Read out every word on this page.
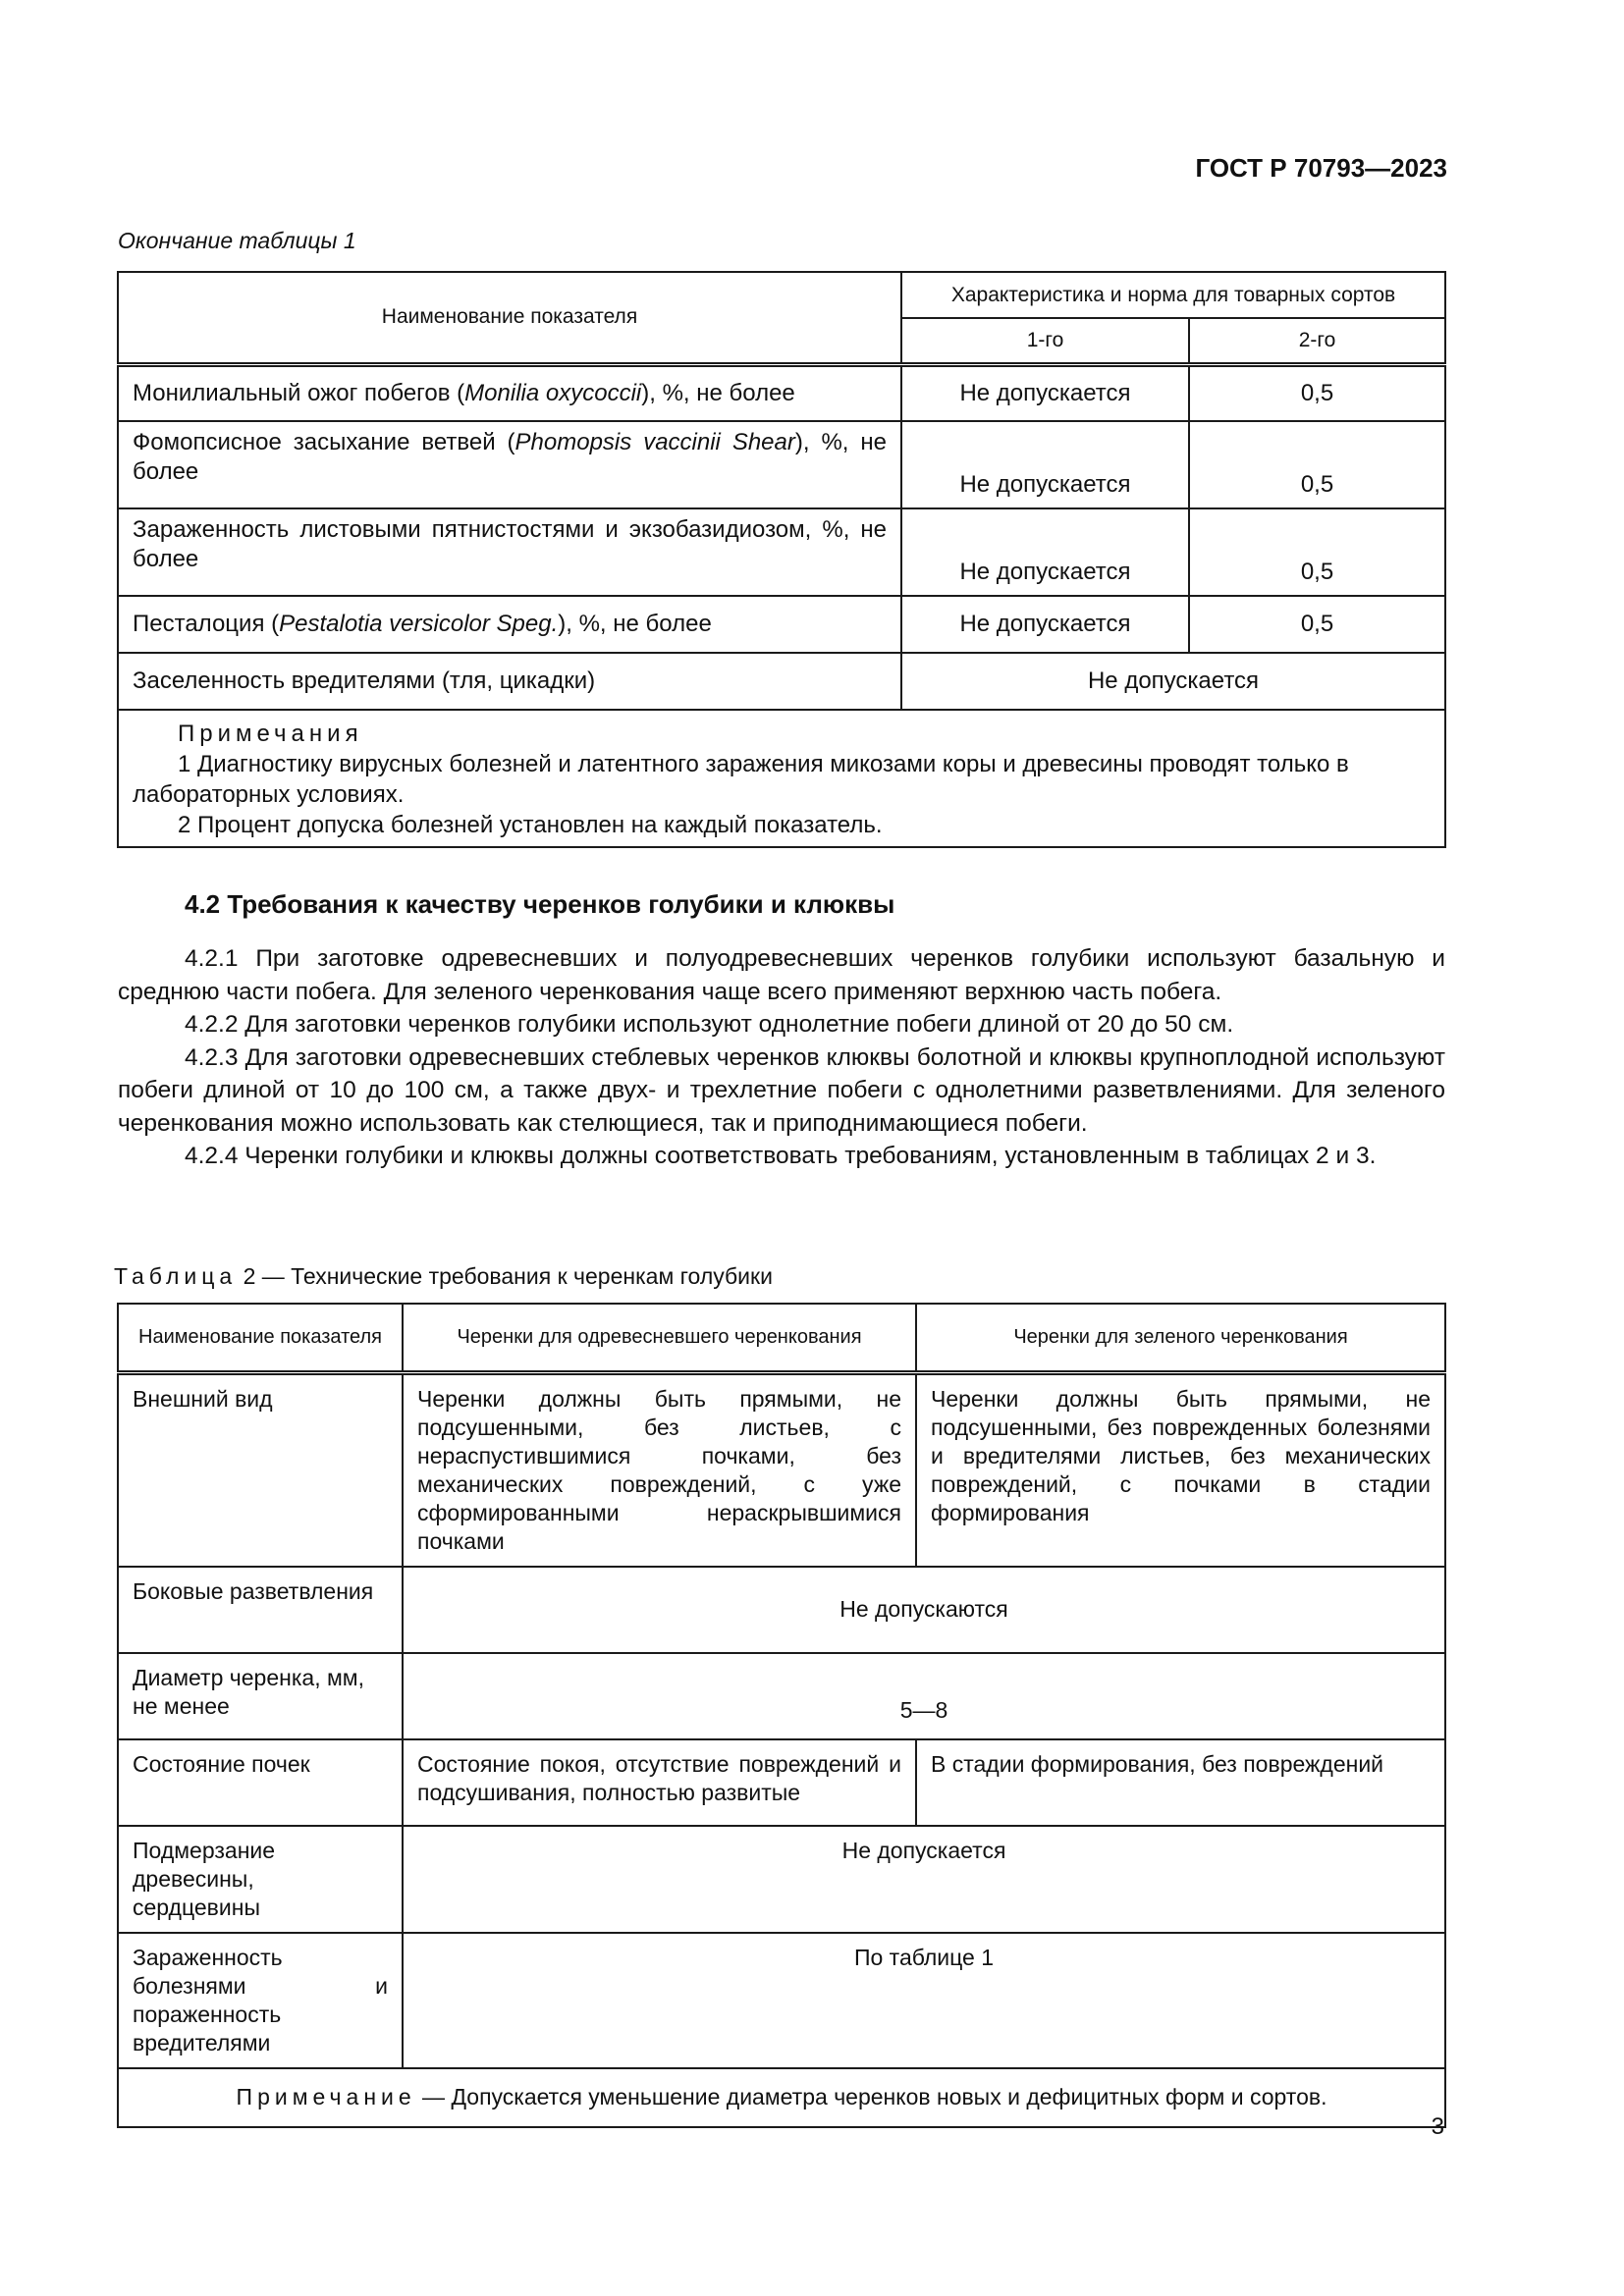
ГОСТ Р 70793—2023
Окончание таблицы 1
Наименование показателя	Характеристика и норма для товарных сортов	
	1-го	2-го
Монилиальный ожог побегов (Monilia oxycoccii), %, не более	Не допускается	0,5
Фомопсисное засыхание ветвей (Phomopsis vaccinii Shear), %, не более	Не допускается	0,5
Зараженность листовыми пятнистостями и экзобазидиозом, %, не более	Не допускается	0,5
Песталоция (Pestalotia versicolor Speg.), %, не более	Не допускается	0,5
Заселенность вредителями (тля, цикадки)	Не допускается	

Примечания

1 Диагностику вирусных болезней и латентного заражения микозами коры и древесины проводят только в лабораторных условиях.

2 Процент допуска болезней установлен на каждый показатель.		

4.2 Требования к качеству черенков голубики и клюквы

4.2.1 При заготовке одревесневших и полуодревесневших черенков голубики используют базальную и среднюю части побега. Для зеленого черенкования чаще всего применяют верхнюю часть побега.

4.2.2 Для заготовки черенков голубики используют однолетние побеги длиной от 20 до 50 см.

4.2.3 Для заготовки одревесневших стеблевых черенков клюквы болотной и клюквы крупноплодной используют побеги длиной от 10 до 100 см, а также двух- и трехлетние побеги с однолетними разветвлениями. Для зеленого черенкования можно использовать как стелющиеся, так и приподнимающиеся побеги.

4.2.4 Черенки голубики и клюквы должны соответствовать требованиям, установленным в таблицах 2 и 3.

Таблица 2 — Технические требования к черенкам голубики
Наименование показателя	Черенки для одревесневшего черенкования	Черенки для зеленого черенкования
Внешний вид	Черенки должны быть прямыми, не подсушенными, без листьев, с нераспустившимися почками, без механических повреждений, с уже сформированными нераскрывшимися почками	Черенки должны быть прямыми, не подсушенными, без поврежденных болезнями и вредителями листьев, без механических повреждений, с почками в стадии формирования
Боковые разветвления	Не допускаются	
Диаметр черенка, мм, не менее	5—8	
Состояние почек	Состояние покоя, отсутствие повреждений и подсушивания, полностью развитые	В стадии формирования, без повреждений
Подмерзание древесины, сердцевины	Не допускается	
Зараженность болезнями и пораженность вредителями	По таблице 1	
Примечание — Допускается уменьшение диаметра черенков новых и дефицитных форм и сортов.		
3
